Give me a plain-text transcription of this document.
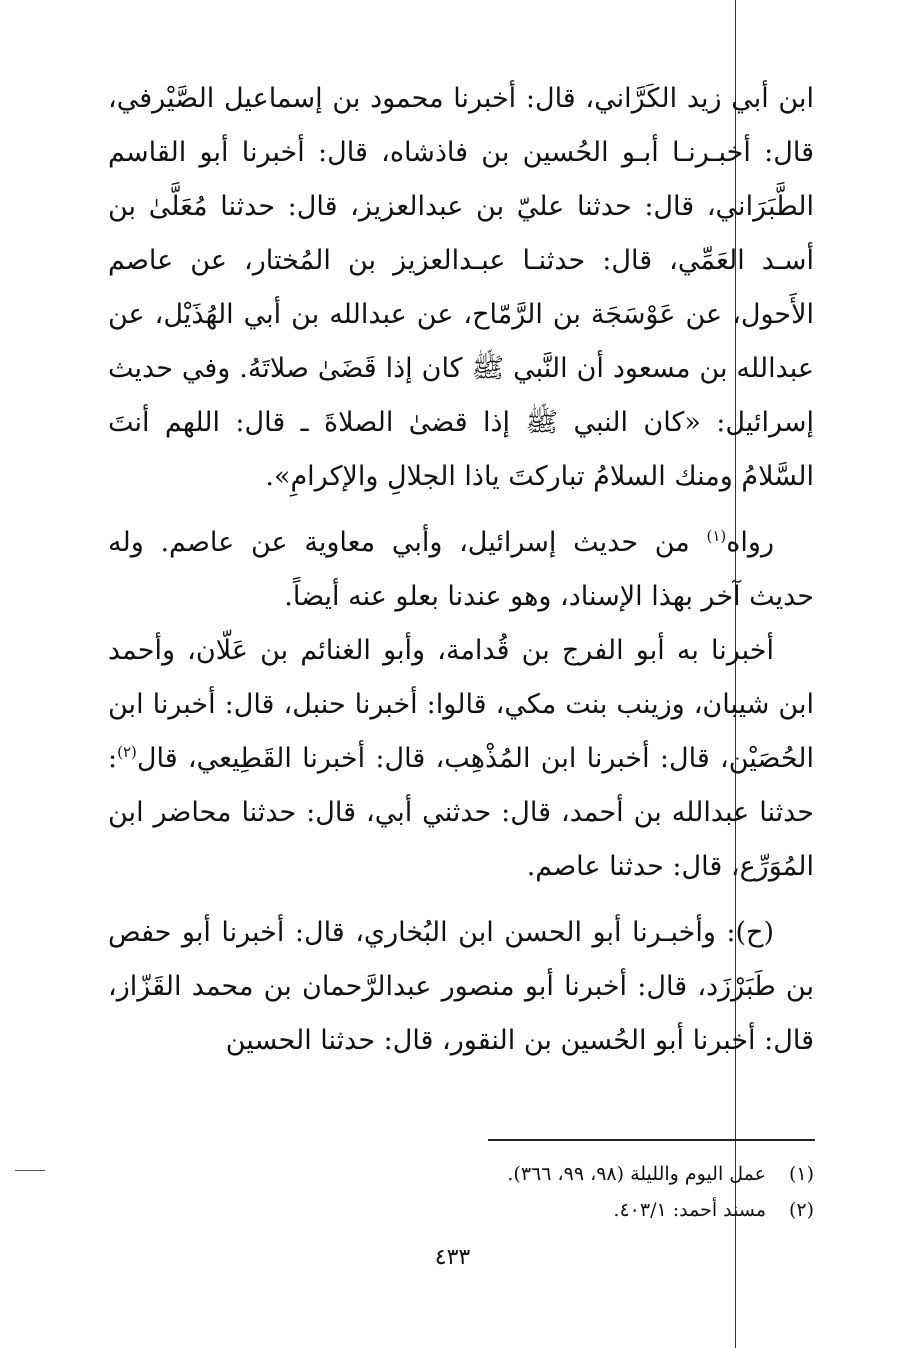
ابن أبي زيد الكَرَّاني، قال: أخبرنا محمود بن إسماعيل الصَّيْرفي، قال: أخبـرنـا أبـو الحُسين بن فاذشاه، قال: أخبرنا أبو القاسم الطَّبَرَاني، قال: حدثنا عليّ بن عبدالعزيز، قال: حدثنا مُعَلَّىٰ بن أسـد العَمِّي، قال: حدثنـا عبـدالعزيز بن المُختار، عن عاصم الأَحول، عن عَوْسَجَة بن الرَّمّاح، عن عبدالله بن أبي الهُذَيْل، عن عبدالله بن مسعود أن النَّبي ﷺ كان إذا قَضَىٰ صلاتَهُ. وفي حديث إسرائيل: «كان النبي ﷺ إذا قضىٰ الصلاةَ ـ قال: اللهم أنتَ السَّلامُ ومنك السلامُ تباركتَ ياذا الجلالِ والإكرامِ».

رواه$^{(١)}$ من حديث إسرائيل، وأبي معاوية عن عاصم. وله حديث آخر بهذا الإسناد، وهو عندنا بعلو عنه أيضاً.

أخبرنا به أبو الفرج بن قُدامة، وأبو الغنائم بن عَلّان، وأحمد ابن شيبان، وزينب بنت مكي، قالوا: أخبرنا حنبل، قال: أخبرنا ابن الحُصَيْن، قال: أخبرنا ابن المُذْهِب، قال: أخبرنا القَطِيعي، قال$^{(٢)}$: حدثنا عبدالله بن أحمد، قال: حدثني أبي، قال: حدثنا محاضر ابن المُوَرِّع، قال: حدثنا عاصم.

(ح): وأخبـرنا أبو الحسن ابن البُخاري، قال: أخبرنا أبو حفص بن طَبَرْزَد، قال: أخبرنا أبو منصور عبدالرَّحمان بن محمد القَزّاز، قال: أخبرنا أبو الحُسين بن النقور، قال: حدثنا الحسين

(١)
عمل اليوم والليلة (٩٨، ٩٩، ٣٦٦).
(٢)
مسند أحمد: ٤٠٣/١.
٤٣٣
